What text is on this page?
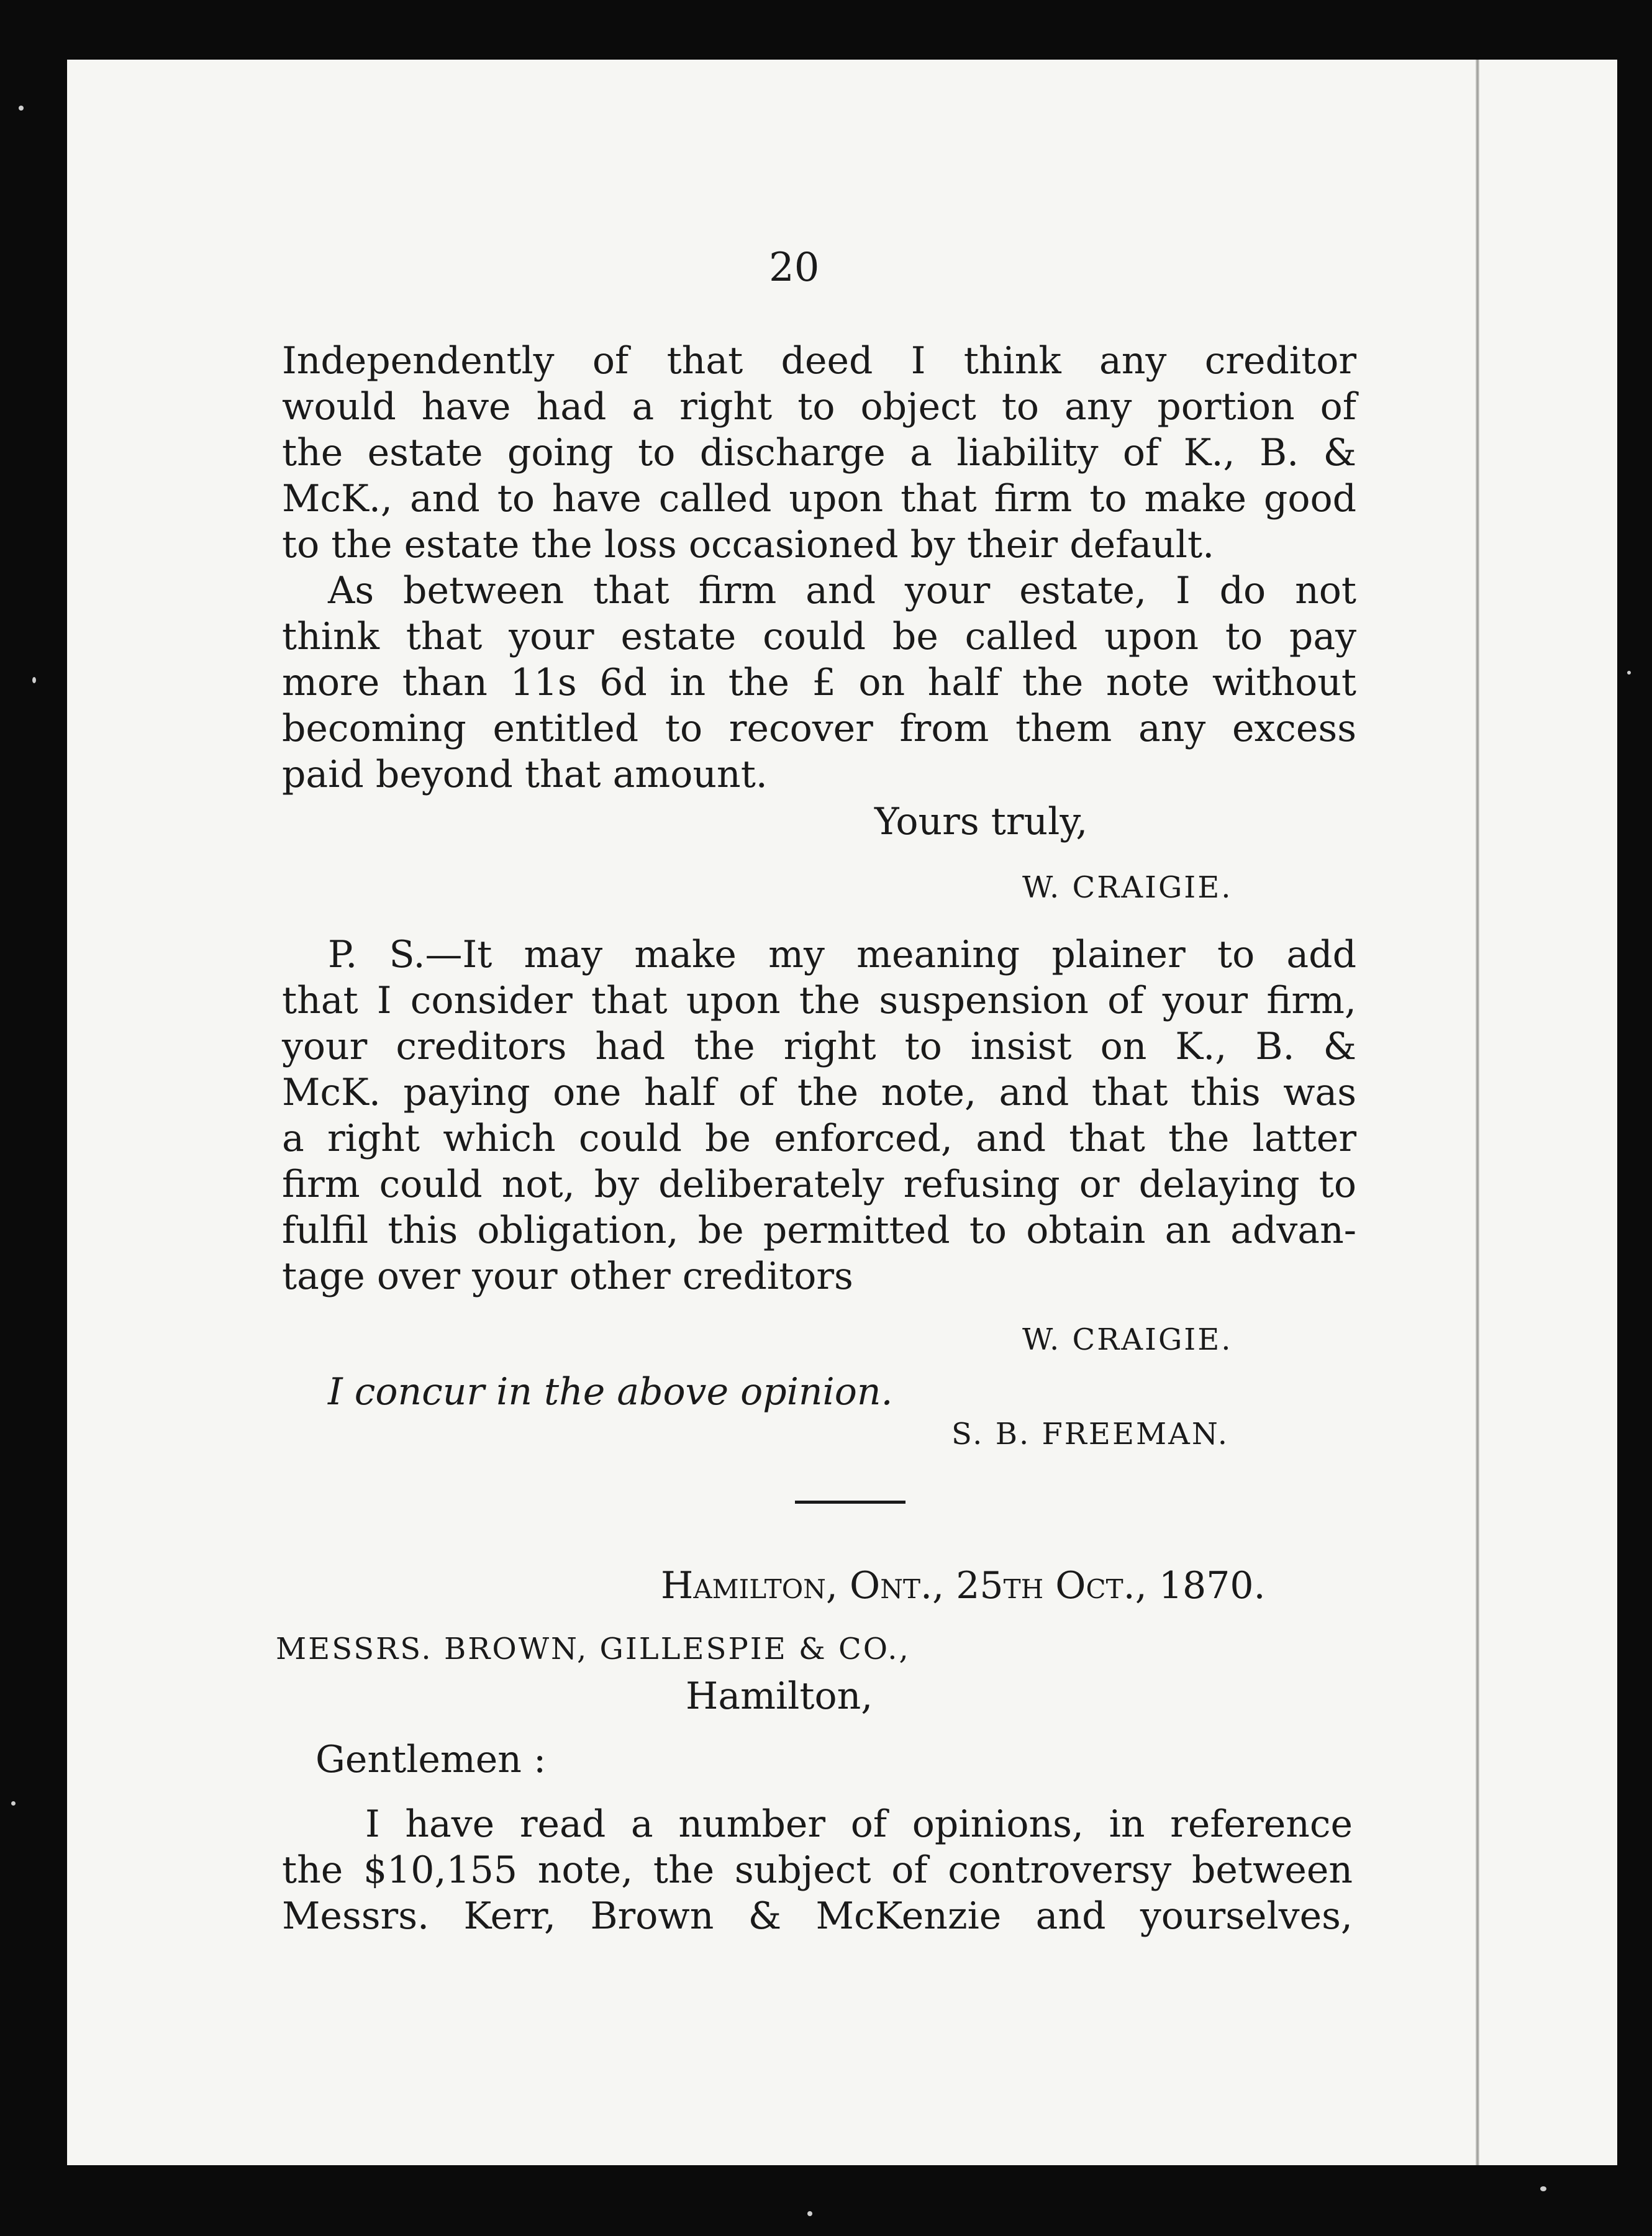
20
Independently of that deed I think any creditor
would have had a right to object to any portion of
the estate going to discharge a liability of K., B. &
McK., and to have called upon that firm to make good
to the estate the loss occasioned by their default.
As between that firm and your estate, I do not
think that your estate could be called upon to pay
more than 11s 6d in the £ on half the note without
becoming entitled to recover from them any excess
paid beyond that amount.
Yours truly,
W. CRAIGIE.
P. S.—It may make my meaning plainer to add
that I consider that upon the suspension of your firm,
your creditors had the right to insist on K., B. &
McK. paying one half of the note, and that this was
a right which could be enforced, and that the latter
firm could not, by deliberately refusing or delaying to
fulfil this obligation, be permitted to obtain an advan-
tage over your other creditors
W. CRAIGIE.
I concur in the above opinion.
S. B. FREEMAN.
Hamilton, Ont., 25th Oct., 1870.
MESSRS. BROWN, GILLESPIE & CO.,
Hamilton,
Gentlemen :
I have read a number of opinions, in reference
the $10,155 note, the subject of controversy between
Messrs. Kerr, Brown & McKenzie and yourselves,
